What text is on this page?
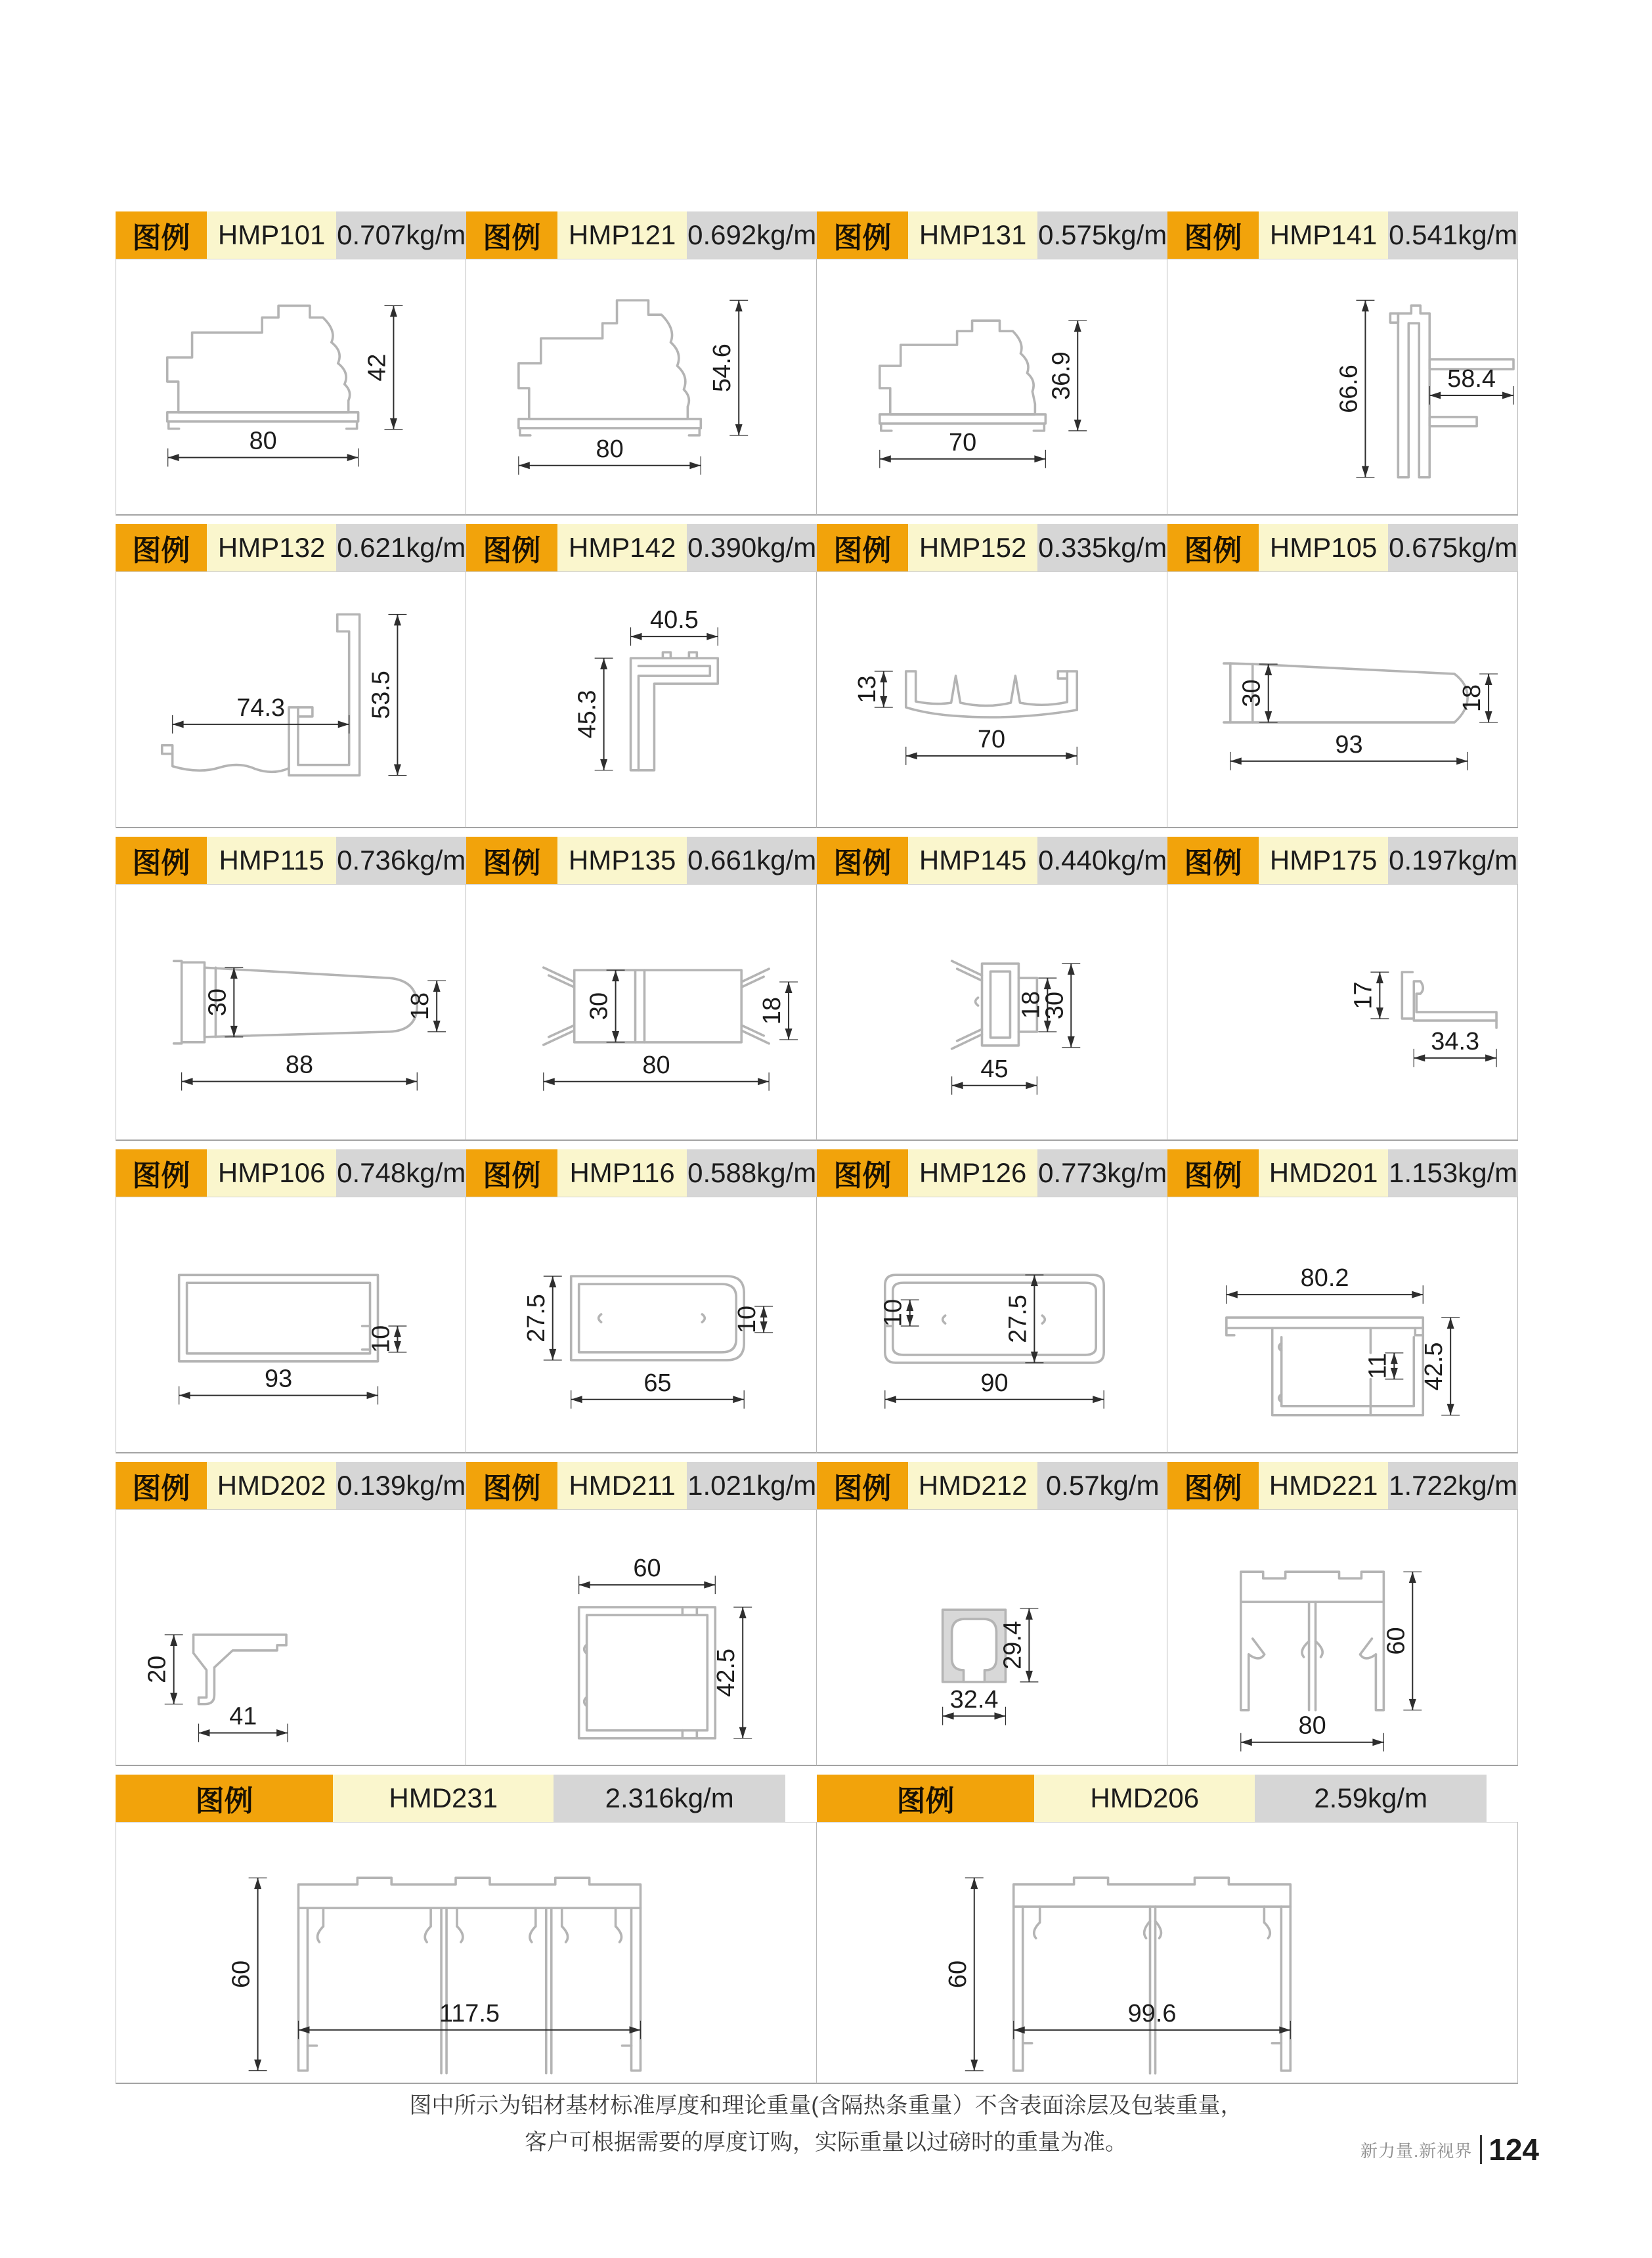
图例	HMP101 0.707kg/m
80
42
图例	HMP121 0.692kg/m
80
54.6
图例	HMP131 0.575kg/m
70
36.9
图例	HMP141 0.541kg/m
66.6	58.4
图例	HMP132 0.621kg/m
74.3	53.5
图例	HMP142 0.390kg/m
40.5
45.3
图例	HMP152 0.335kg/m
13
70
图例	HMP105 0.675kg/m
30
93
18
图例	HMP115 0.736kg/m
30
88
18
图例	HMP135 0.661kg/m
30
80
18
图例	HMP145 0.440kg/m
18
30
45
图例	HMP175 0.197kg/m
17
34.3
图例	HMP106 0.748kg/m
93
10
图例	HMP116 0.588kg/m
27.5
65
10
图例	HMP126 0.773kg/m
10	27.5
90
图例 HMD201 1.153kg/m
80.2
11 42.5
图例 HMD202 0.139kg/m
20
41
图例	HMD211 1.021kg/m
60
42.5
图例 HMD212 0.57kg/m
29.4
32.4
图例 HMD221 1.722kg/m
60
80
图例	HMD231	2.316kg/m
60
117.5
图例	HMD206	2.59kg/m
60
99.6
图中所示为铝材基材标准厚度和理论重量(含隔热条重量）不含表面涂层及包装重量，
客户可根据需要的厚度订购，实际重量以过磅时的重量为准。	新力量.新视界 124
